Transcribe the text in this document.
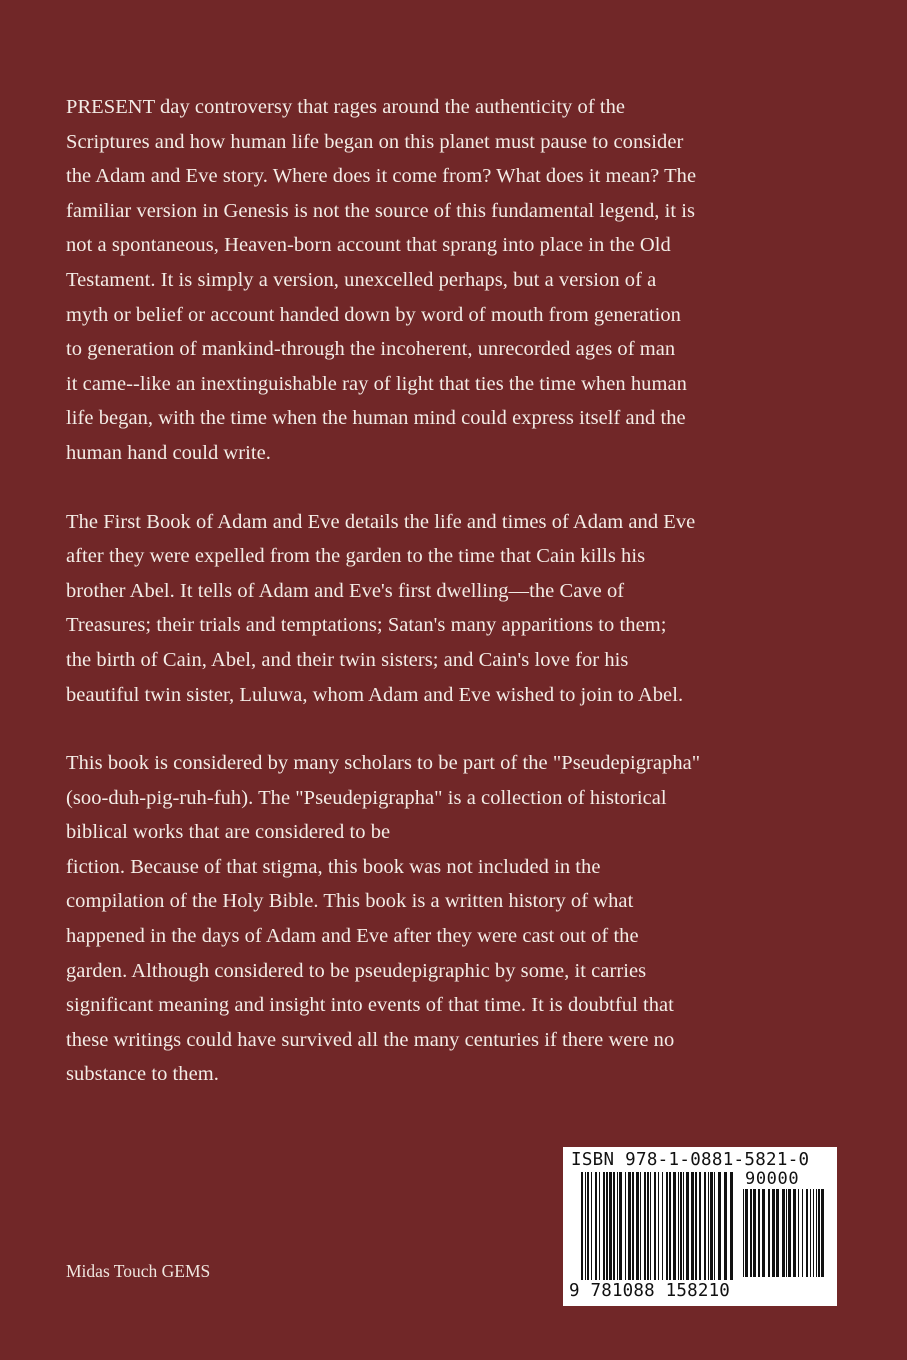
PRESENT day controversy that rages around the authenticity of the
Scriptures and how human life began on this planet must pause to consider
the Adam and Eve story. Where does it come from? What does it mean? The
familiar version in Genesis is not the source of this fundamental legend, it is
not a spontaneous, Heaven-born account that sprang into place in the Old
Testament. It is simply a version, unexcelled perhaps, but a version of a
myth or belief or account handed down by word of mouth from generation
to generation of mankind-through the incoherent, unrecorded ages of man
it came--like an inextinguishable ray of light that ties the time when human
life began, with the time when the human mind could express itself and the
human hand could write.

The First Book of Adam and Eve details the life and times of Adam and Eve
after they were expelled from the garden to the time that Cain kills his
brother Abel. It tells of Adam and Eve's first dwelling—the Cave of
Treasures; their trials and temptations; Satan's many apparitions to them;
the birth of Cain, Abel, and their twin sisters; and Cain's love for his
beautiful twin sister, Luluwa, whom Adam and Eve wished to join to Abel.

This book is considered by many scholars to be part of the "Pseudepigrapha"
(soo-duh-pig-ruh-fuh). The "Pseudepigrapha" is a collection of historical
biblical works that are considered to be
fiction. Because of that stigma, this book was not included in the
compilation of the Holy Bible. This book is a written history of what
happened in the days of Adam and Eve after they were cast out of the
garden. Although considered to be pseudepigraphic by some, it carries
significant meaning and insight into events of that time. It is doubtful that
these writings could have survived all the many centuries if there were no
substance to them.

Midas Touch GEMS
ISBN 978-1-0881-5821-0
90000
9 781088 158210
